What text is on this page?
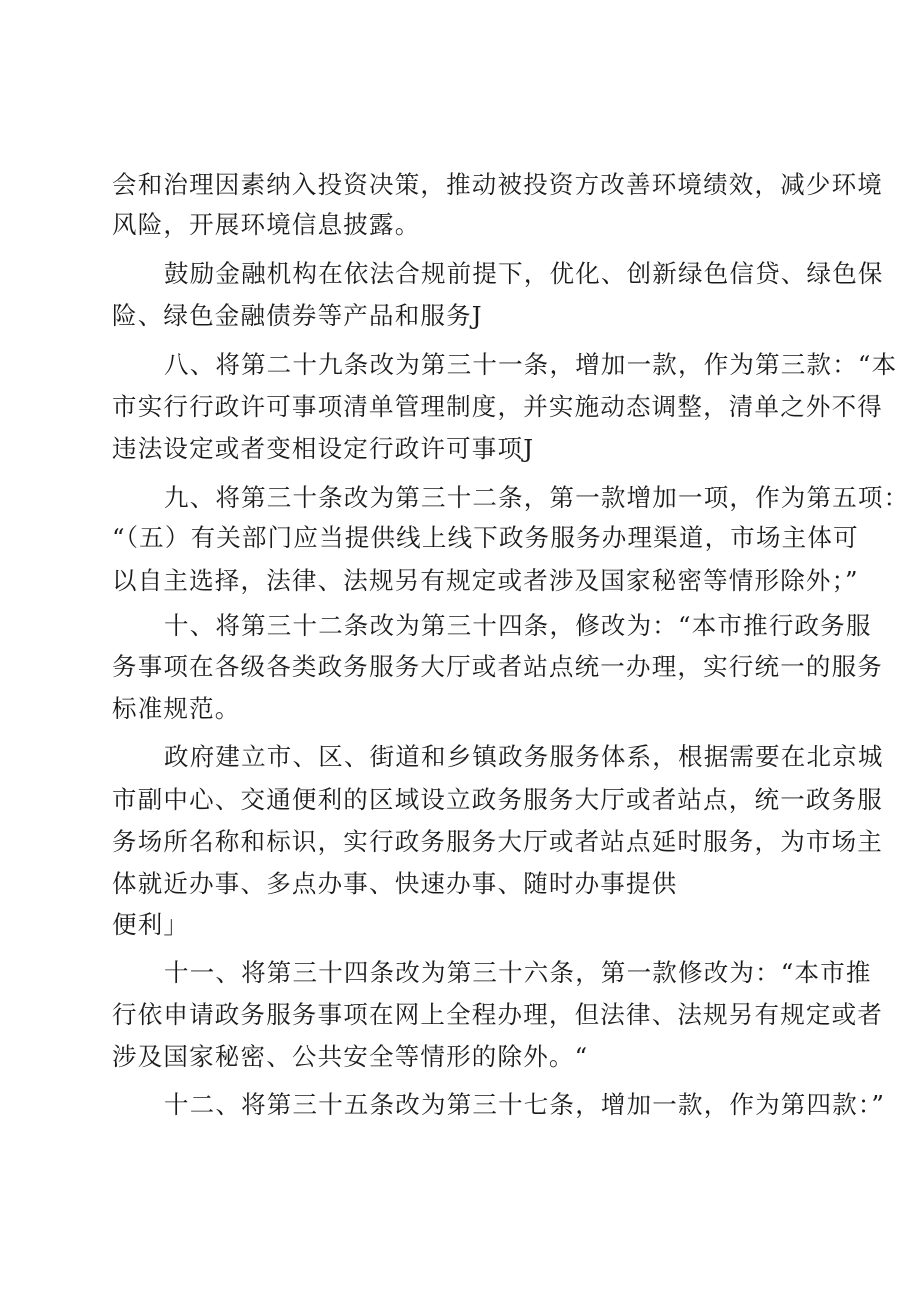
会和治理因素纳入投资决策，推动被投资方改善环境绩效，减少环境
风险，开展环境信息披露。
鼓励金融机构在依法合规前提下，优化、创新绿色信贷、绿色保
险、绿色金融债券等产品和服务J
八、将第二十九条改为第三十一条，增加一款，作为第三款：“本
市实行行政许可事项清单管理制度，并实施动态调整，清单之外不得
违法设定或者变相设定行政许可事项J
九、将第三十条改为第三十二条，第一款增加一项，作为第五项：
“（五）有关部门应当提供线上线下政务服务办理渠道，市场主体可
以自主选择，法律、法规另有规定或者涉及国家秘密等情形除外；”
十、将第三十二条改为第三十四条，修改为：“本市推行政务服
务事项在各级各类政务服务大厅或者站点统一办理，实行统一的服务
标准规范。
政府建立市、区、街道和乡镇政务服务体系，根据需要在北京城
市副中心、交通便利的区域设立政务服务大厅或者站点，统一政务服
务场所名称和标识，实行政务服务大厅或者站点延时服务，为市场主
体就近办事、多点办事、快速办事、随时办事提供
便利」
十一、将第三十四条改为第三十六条，第一款修改为：“本市推
行依申请政务服务事项在网上全程办理，但法律、法规另有规定或者
涉及国家秘密、公共安全等情形的除外。“
十二、将第三十五条改为第三十七条，增加一款，作为第四款：”
